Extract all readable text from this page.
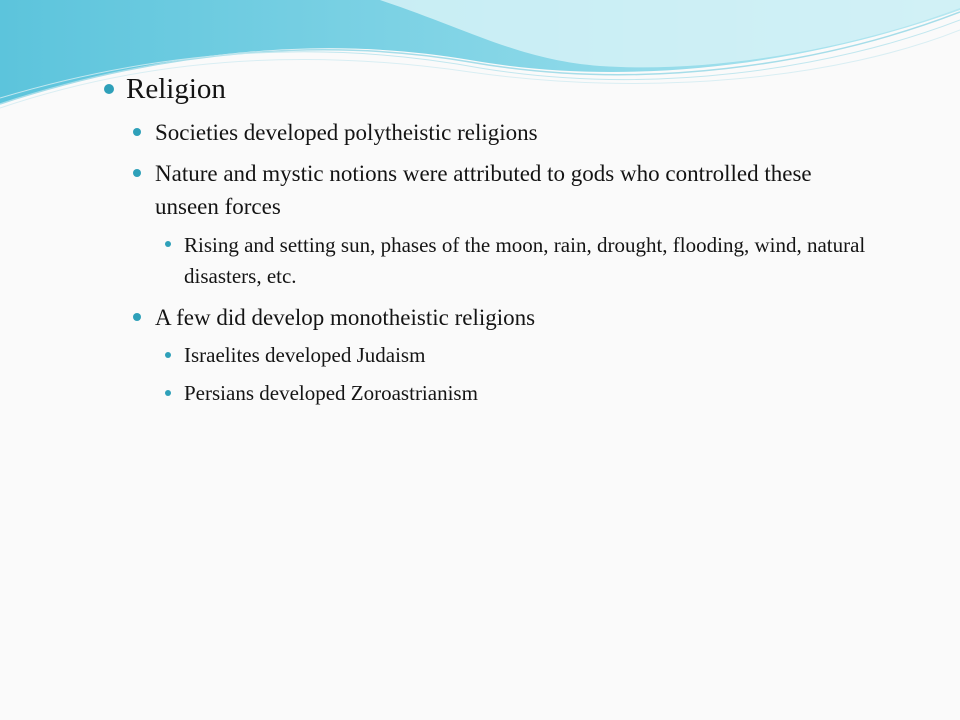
Religion
Societies developed polytheistic religions
Nature and mystic notions were attributed to gods who controlled these unseen forces
Rising and setting sun, phases of the moon, rain, drought, flooding, wind, natural disasters, etc.
A few did develop monotheistic religions
Israelites developed Judaism
Persians developed Zoroastrianism
